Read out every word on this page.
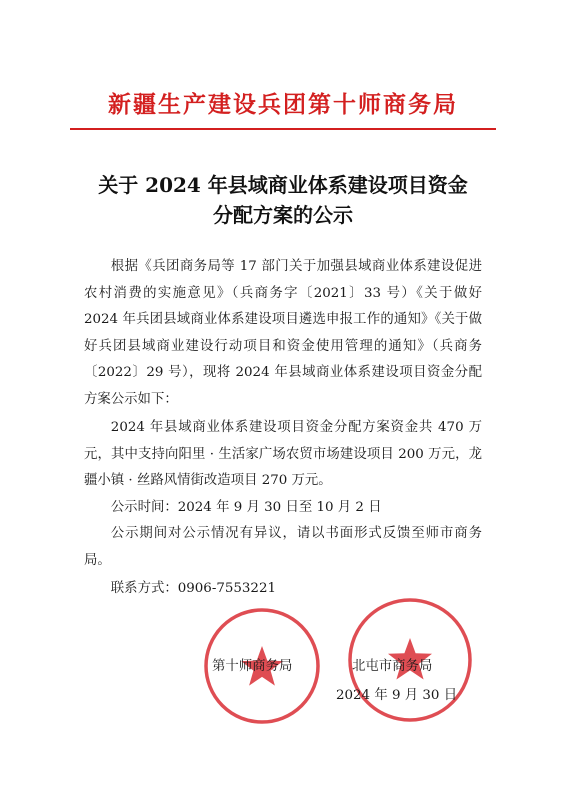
新疆生产建设兵团第十师商务局
关于 2024 年县域商业体系建设项目资金
分配方案的公示

根据《兵团商务局等 17 部门关于加强县域商业体系建设促进农村消费的实施意见》（兵商务字〔2021〕33 号）《关于做好 2024 年兵团县域商业体系建设项目遴选申报工作的通知》《关于做好兵团县域商业建设行动项目和资金使用管理的通知》（兵商务〔2022〕29 号），现将 2024 年县域商业体系建设项目资金分配方案公示如下：

2024 年县域商业体系建设项目资金分配方案资金共 470 万元，其中支持向阳里 · 生活家广场农贸市场建设项目 200 万元，龙疆小镇 · 丝路风情街改造项目 270 万元。

公示时间：2024 年 9 月 30 日至 10 月 2 日

公示期间对公示情况有异议，请以书面形式反馈至师市商务局。

联系方式：0906-7553221

第十师商务局	北屯市商务局
2024 年 9 月 30 日
